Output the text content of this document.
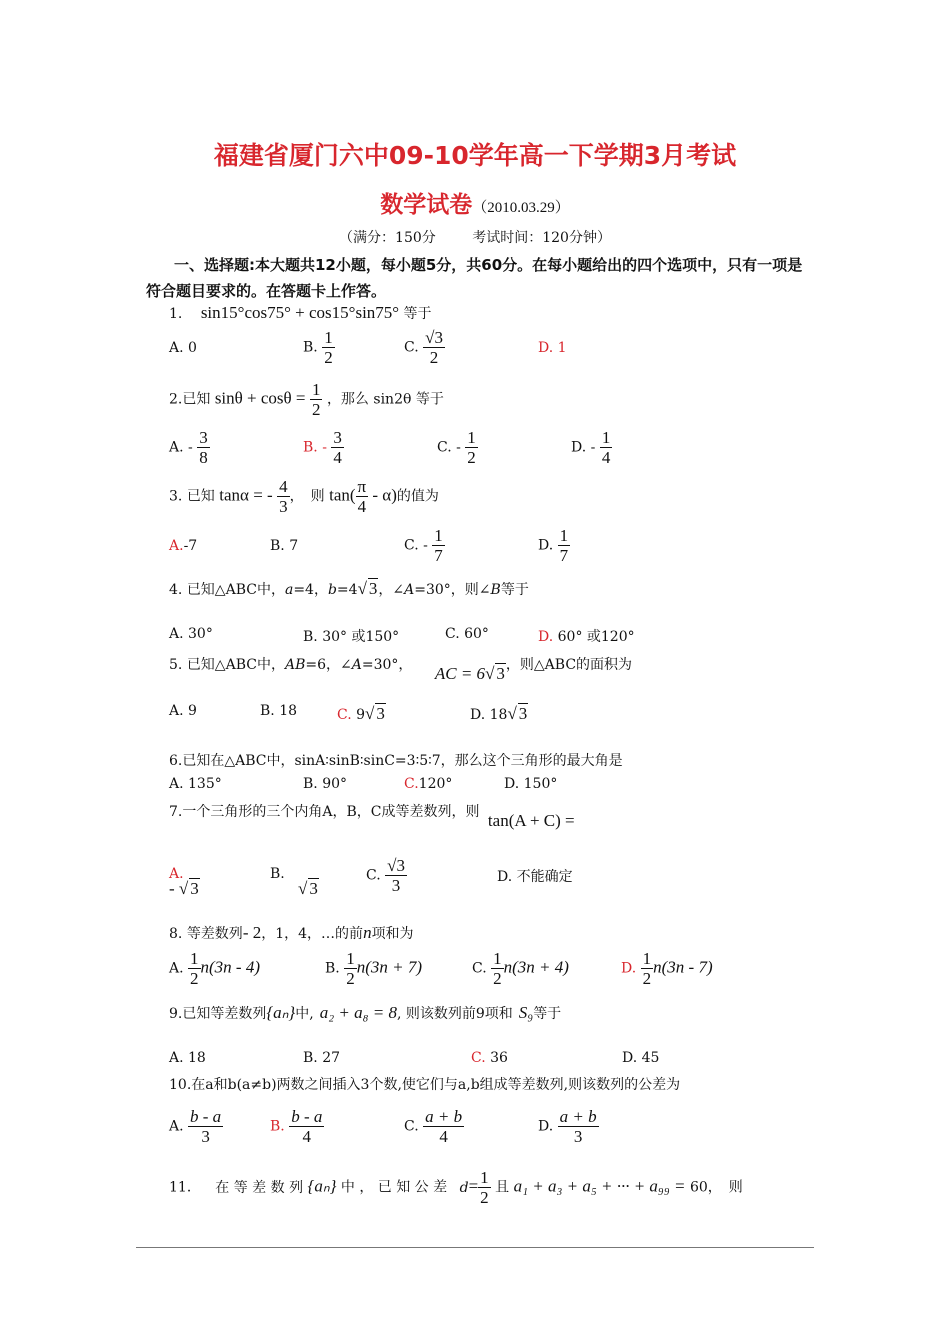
福建省厦门六中09-10学年高一下学期3月考试
数学试卷（2010.03.29）
（满分：150分	考试时间：120分钟）
一、选择题:本大题共12小题，每小题5分，共60分。在每小题给出的四个选项中，只有一项是符合题目要求的。在答题卡上作答。
1. sin15°cos75° + cos15°sin75° 等于
A. 0	B. $\frac{1}{2}$	C. $\frac{√3}{2}$	D. 1
2.已知 $\sin\theta + \cos\theta = \frac{1}{2}$ ，那么 sin2θ 等于
A. - $\frac{3}{8}$	B. - $\frac{3}{4}$	C. - $\frac{1}{2}$	D. - $\frac{1}{4}$
3. 已知 tanα = - $\frac{4}{3}$ ，　则 $\tan( \frac{\pi}{4} - \alpha)$的值为
A.-7	B. 7	C. - $\frac{1}{7}$	D. $\frac{1}{7}$
4. 已知△ABC中，a=4，b=4√ 3，∠A=30°，则∠B等于
A. 30°	B. 30° 或150°	C. 60°	D. 60° 或120°
5. 已知△ABC中，AB=6，∠A=30°， AC = 6√ 3，则△ABC的面积为
A. 9	B. 18	C. 9√ 3	D. 18√ 3
6.已知在△ABC中，sinA∶sinB∶sinC=3∶5∶7，那么这个三角形的最大角是
A. 135°	B. 90°	C.120°	D. 150°
7.一个三角形的三个内角A，B，C成等差数列，则 tan(A + C) =
A.
- √ 3
B.
√ 3
C. $\frac{√3}{3}$	D. 不能确定
8. 等差数列- 2，1，4，…的前n项和为
A. $\frac{1}{2} n(3n - 4)$	B. $\frac{1}{2} n(3n + 7)$	C. $\frac{1}{2} n(3n + 4)$	D. $\frac{1}{2} n(3n - 7)$
9.已知等差数列{aₙ}中, a₂ + a₈ = 8, 则该数列前9项和 S₉等于
A. 18	B. 27	C. 36	D. 45
10.在a和b(a≠b)两数之间插入3个数,使它们与a,b组成等差数列,则该数列的公差为
A. $\frac{b - a}{3}$	B. $\frac{b - a}{4}$	C. $\frac{a + b}{4}$	D. $\frac{a + b}{3}$
11． 在 等 差 数 列 {aₙ} 中 ， 已 知 公 差 $d= \frac{1}{2}$ 且 a₁ + a₃ + a₅ + ··· + a₉₉ = 60，　则
